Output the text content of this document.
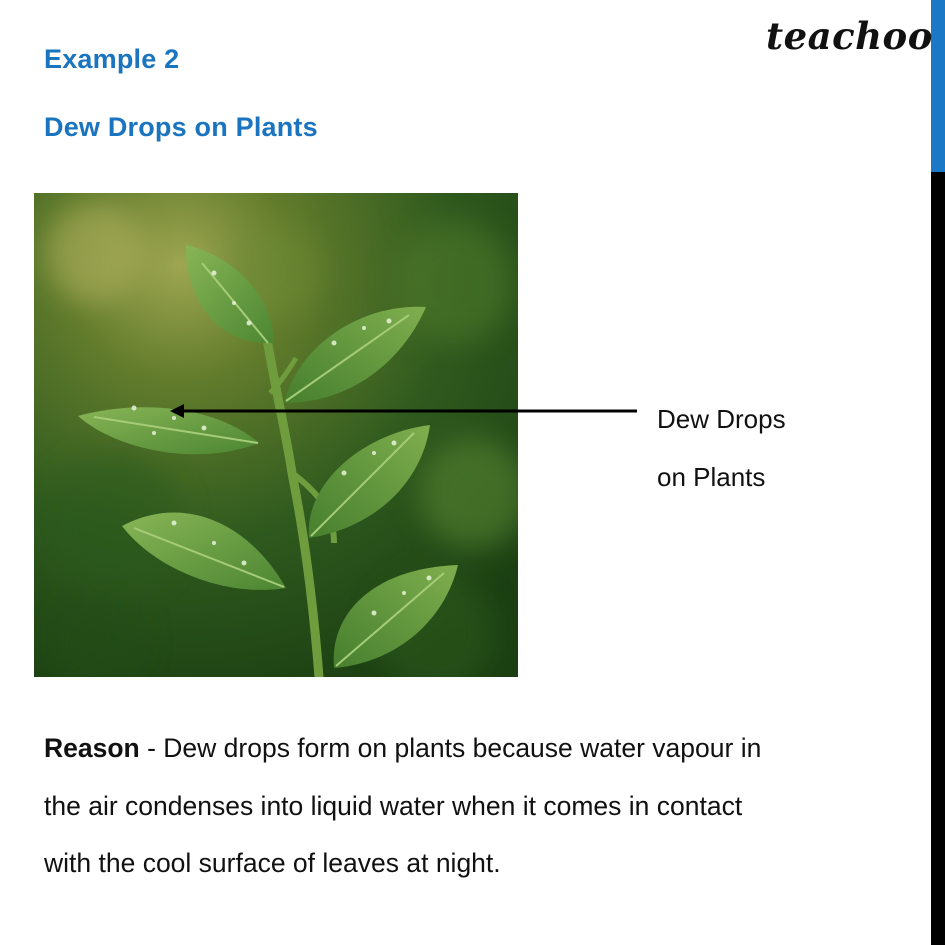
Example 2
Dew Drops on Plants
teachoo
Dew Drops
on Plants
Reason - Dew drops form on plants because water vapour in
the air condenses into liquid water when it comes in contact
with the cool surface of leaves at night.
